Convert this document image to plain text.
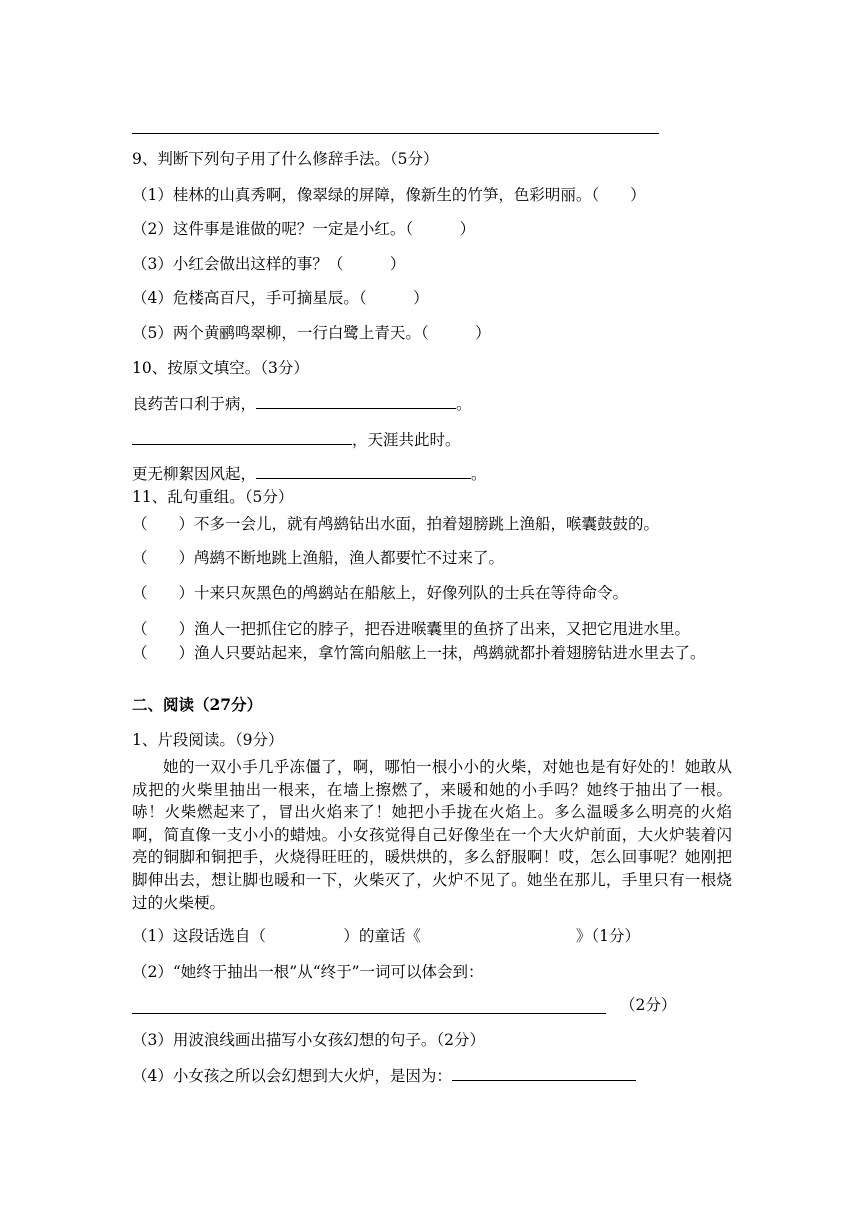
9、判断下列句子用了什么修辞手法。（5分）
（1）桂林的山真秀啊，像翠绿的屏障，像新生的竹笋，色彩明丽。（　　）
（2）这件事是谁做的呢？一定是小红。（　　　）
（3）小红会做出这样的事？（　　　）
（4）危楼高百尺，手可摘星辰。（　　　）
（5）两个黄鹂鸣翠柳，一行白鹭上青天。（　　　）
10、按原文填空。（3分）
良药苦口利于病，	。
，天涯共此时。
更无柳絮因风起，	。
11、乱句重组。（5分）
（　　）不多一会儿，就有鸬鹚钻出水面，拍着翅膀跳上渔船，喉囊鼓鼓的。
（　　）鸬鹚不断地跳上渔船，渔人都要忙不过来了。
（　　）十来只灰黑色的鸬鹚站在船舷上，好像列队的士兵在等待命令。
（　　）渔人一把抓住它的脖子，把吞进喉囊里的鱼挤了出来，又把它甩进水里。
（　　）渔人只要站起来，拿竹篙向船舷上一抹，鸬鹚就都扑着翅膀钻进水里去了。
二、阅读（27分）
1、片段阅读。（9分）
她的一双小手几乎冻僵了，啊，哪怕一根小小的火柴，对她也是有好处的！她敢从成把的火柴里抽出一根来，在墙上擦燃了，来暖和她的小手吗？她终于抽出了一根。哧！火柴燃起来了，冒出火焰来了！她把小手拢在火焰上。多么温暖多么明亮的火焰啊，简直像一支小小的蜡烛。小女孩觉得自己好像坐在一个大火炉前面，大火炉装着闪亮的铜脚和铜把手，火烧得旺旺的，暖烘烘的，多么舒服啊！哎，怎么回事呢？她刚把脚伸出去，想让脚也暖和一下，火柴灭了，火炉不见了。她坐在那儿，手里只有一根烧过的火柴梗。
（1）这段话选自（　　　　　）的童话《　　　　　　　　　　》（1分）
（2）“她终于抽出一根”从“终于”一词可以体会到：
（2分）
（3）用波浪线画出描写小女孩幻想的句子。（2分）
（4）小女孩之所以会幻想到大火炉，是因为：
